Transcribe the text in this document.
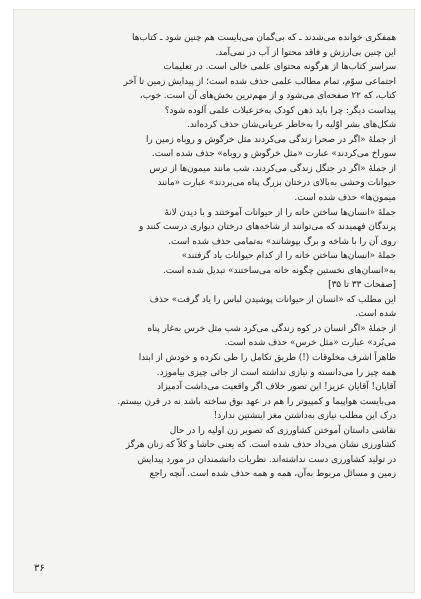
همفکری خوانده می‌شدند ـ که بی‌گمان می‌بایست هم چنین شود ـ کتاب‌ها
این چنین بی‌ارزش و فاقد محتوا از آب در نمی‌آمد.
سراسر کتاب‌ها از هرگونه محتوای علمی خالی است. در تعلیمات
اجتماعی سوّم، تمام مطالب علمی حذف شده است؛ از پیدایش زمین تا آخر
کتاب، که ۲۲ صفحه‌ای می‌شود و از مهم‌ترین بخش‌های آن است. خوب،
پیداست دیگر: چرا باید ذهن کودک به‌خزعبلات علمی آلوده شود؟
شکل‌های بشر اوّلیه را به‌خاطر عریانی‌شان حذف کرده‌اند.
از جملهٔ «اگر در صحرا زندگی می‌کردند مثل خرگوش و روباه زمین را
سوراخ می‌کردند» عبارت «مثل خرگوش و روباه» حذف شده است.
از جملهٔ «اگر در جنگل زندگی می‌کردند، شب مانند میمون‌ها از ترس
حیوانات وحشی به‌بالای درختان بزرگ پناه می‌بردند» عبارت «مانند
میمون‌ها» حذف شده است.
جملهٔ «انسان‌ها ساختن خانه را از حیوانات آموختند و با دیدن لانهٔ
پرندگان فهمیدند که می‌توانند از شاخه‌های درختان دیواری درست کنند و
روی آن را با شاخه و برگ بپوشانند» به‌تمامی حذف شده است.
جملهٔ «انسان‌ها ساختن خانه را از کدام حیوانات یاد گرفتند»
به«انسان‌های نخستین چگونه خانه می‌ساختند» تبدیل شده است.
[صفحات ۳۳ تا ۳۵]
این مطلب که «انسان از حیوانات پوشیدن لباس را یاد گرفت» حذف
شده است.
از جملهٔ «اگر انسان در کوه زندگی می‌کرد شب مثل خرس به‌غار پناه
می‌بُرد» عبارت «مثل خرس» حذف شده است.
ظاهراً اشرف مخلوقات (!) طریق تکامل را طی نکرده و خودش از ابتدا
همه چیز را می‌دانسته و نیازی نداشته است از جائی چیزی بیاموزد.
آقایان! آقایان عزیز! این تصور خلاف اگر واقعیت می‌داشت آدمیزاد
می‌بایست هواپیما و کمپیوتر را هم در عهد بوق ساخته باشد نه در قرن بیستم.
درک این مطلب نیازی به‌داشتن مغز اینشتین ندارد!
نقاشی داستان آموختن کشاورزی که تصویر زن اولیه را در حال
کشاورزی نشان می‌داد حذف شده است. که یعنی حاشا و کلاّ که زنان هرگز
در تولید کشاورزی دست نداشته‌اند. نظریات دانشمندان در مورد پیدایش
زمین و مسائل مربوط به‌آن، همه و همه حذف شده است. آنچه راجع
۳۶
